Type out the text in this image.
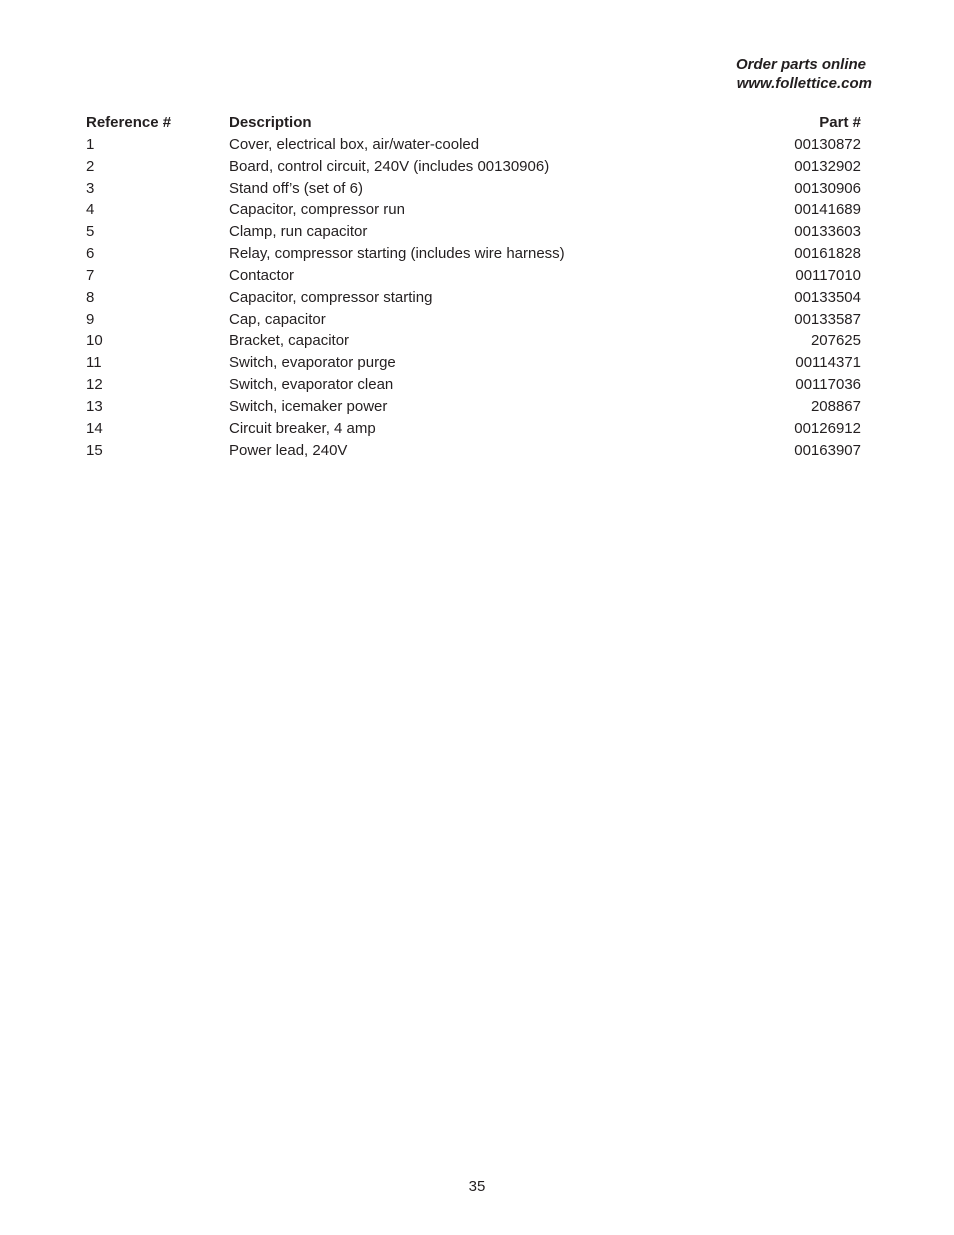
Order parts online
www.follettice.com
Reference #	Description	Part #
1	Cover, electrical box, air/water-cooled	00130872
2	Board, control circuit, 240V (includes 00130906)	00132902
3	Stand off’s (set of 6)	00130906
4	Capacitor, compressor run	00141689
5	Clamp, run capacitor	00133603
6	Relay, compressor starting (includes wire harness)	00161828
7	Contactor	00117010
8	Capacitor, compressor starting	00133504
9	Cap, capacitor	00133587
10	Bracket, capacitor	207625
11	Switch, evaporator purge	00114371
12	Switch, evaporator clean	00117036
13	Switch, icemaker power	208867
14	Circuit breaker, 4 amp	00126912
15	Power lead, 240V	00163907
35
